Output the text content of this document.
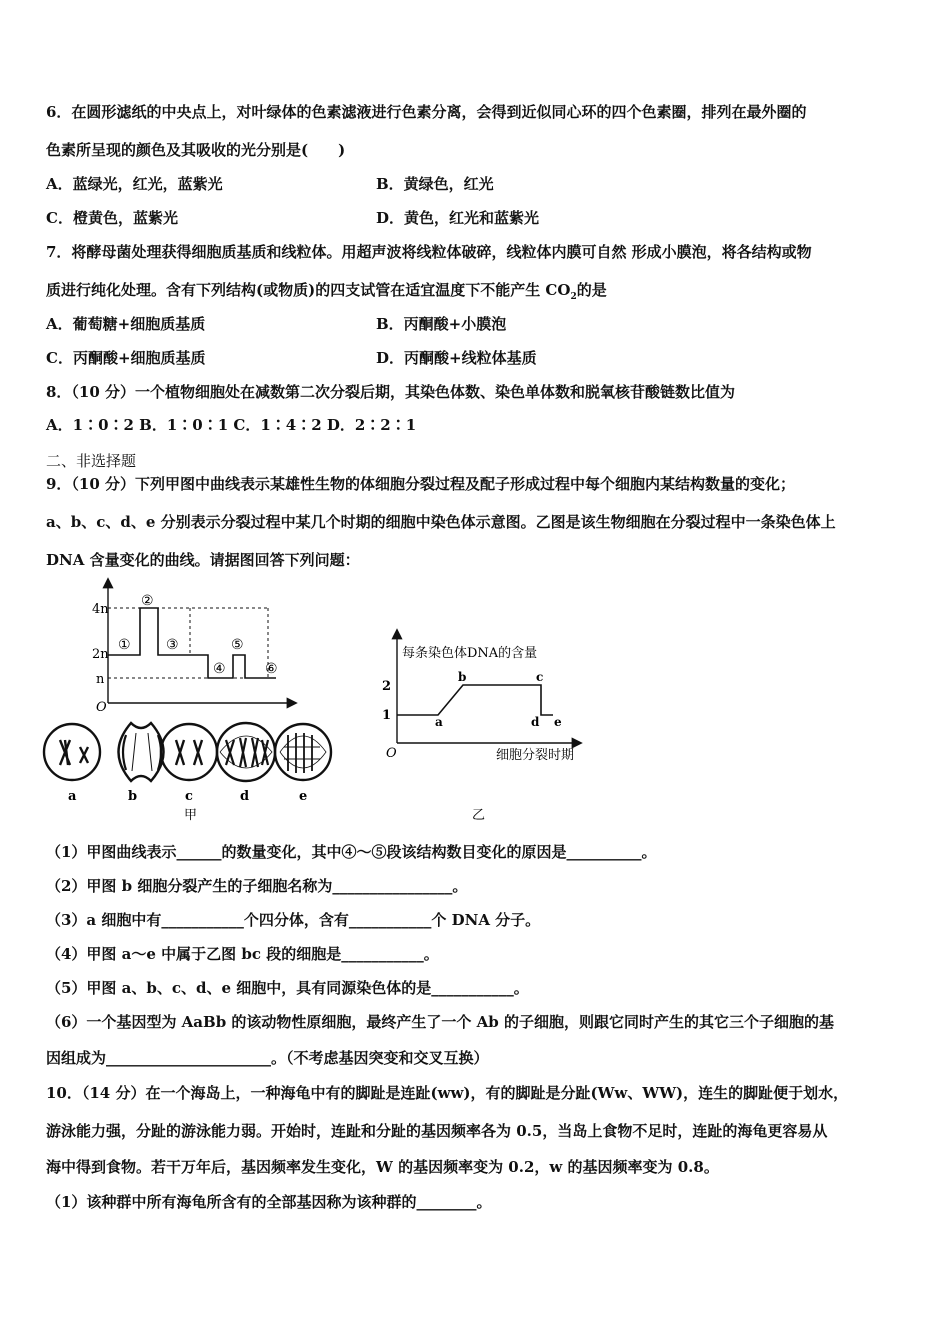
6．在圆形滤纸的中央点上，对叶绿体的色素滤液进行色素分离，会得到近似同心环的四个色素圈，排列在最外圈的
色素所呈现的颜色及其吸收的光分别是(　　)
A．蓝绿光，红光，蓝紫光	B．黄绿色，红光
C．橙黄色，蓝紫光	D．黄色，红光和蓝紫光
7．将酵母菌处理获得细胞质基质和线粒体。用超声波将线粒体破碎，线粒体内膜可自然 形成小膜泡，将各结构或物
质进行纯化处理。含有下列结构(或物质)的四支试管在适宜温度下不能产生 $CO_2$的是
A．葡萄糖+细胞质基质	B．丙酮酸+小膜泡
C．丙酮酸+细胞质基质	D．丙酮酸+线粒体基质
8．（10 分）一个植物细胞处在减数第二次分裂后期，其染色体数、染色单体数和脱氧核苷酸链数比值为
A．1∶0∶2 B．1∶0∶1 C．1∶4∶2 D．2∶2∶1
二、非选择题
9．（10 分）下列甲图中曲线表示某雄性生物的体细胞分裂过程及配子形成过程中每个细胞内某结构数量的变化；
a、b、c、d、e 分别表示分裂过程中某几个时期的细胞中染色体示意图。乙图是该生物细胞在分裂过程中一条染色体上
DNA 含量变化的曲线。请据图回答下列问题：
4n
2n
n
O
①
②
③
④
⑤
⑥
a	b	c	d	e
甲
每条染色体DNA的含量
2
1
O
a
b	c
d e
细胞分裂时期
乙
（1）甲图曲线表示______的数量变化，其中④～⑤段该结构数目变化的原因是__________。
（2）甲图 b 细胞分裂产生的子细胞名称为________________。
（3）a 细胞中有___________个四分体，含有___________个 DNA 分子。
（4）甲图 a～e 中属于乙图 bc 段的细胞是___________。
（5）甲图 a、b、c、d、e 细胞中，具有同源染色体的是___________。
（6）一个基因型为 AaBb 的该动物性原细胞，最终产生了一个 Ab 的子细胞，则跟它同时产生的其它三个子细胞的基
因组成为______________________。（不考虑基因突变和交叉互换）
10．（14 分）在一个海岛上，一种海龟中有的脚趾是连趾(ww)，有的脚趾是分趾(Ww、WW)，连生的脚趾便于划水，
游泳能力强，分趾的游泳能力弱。开始时，连趾和分趾的基因频率各为 0.5，当岛上食物不足时，连趾的海龟更容易从
海中得到食物。若干万年后，基因频率发生变化，W 的基因频率变为 0.2，w 的基因频率变为 0.8。
（1）该种群中所有海龟所含有的全部基因称为该种群的________。
